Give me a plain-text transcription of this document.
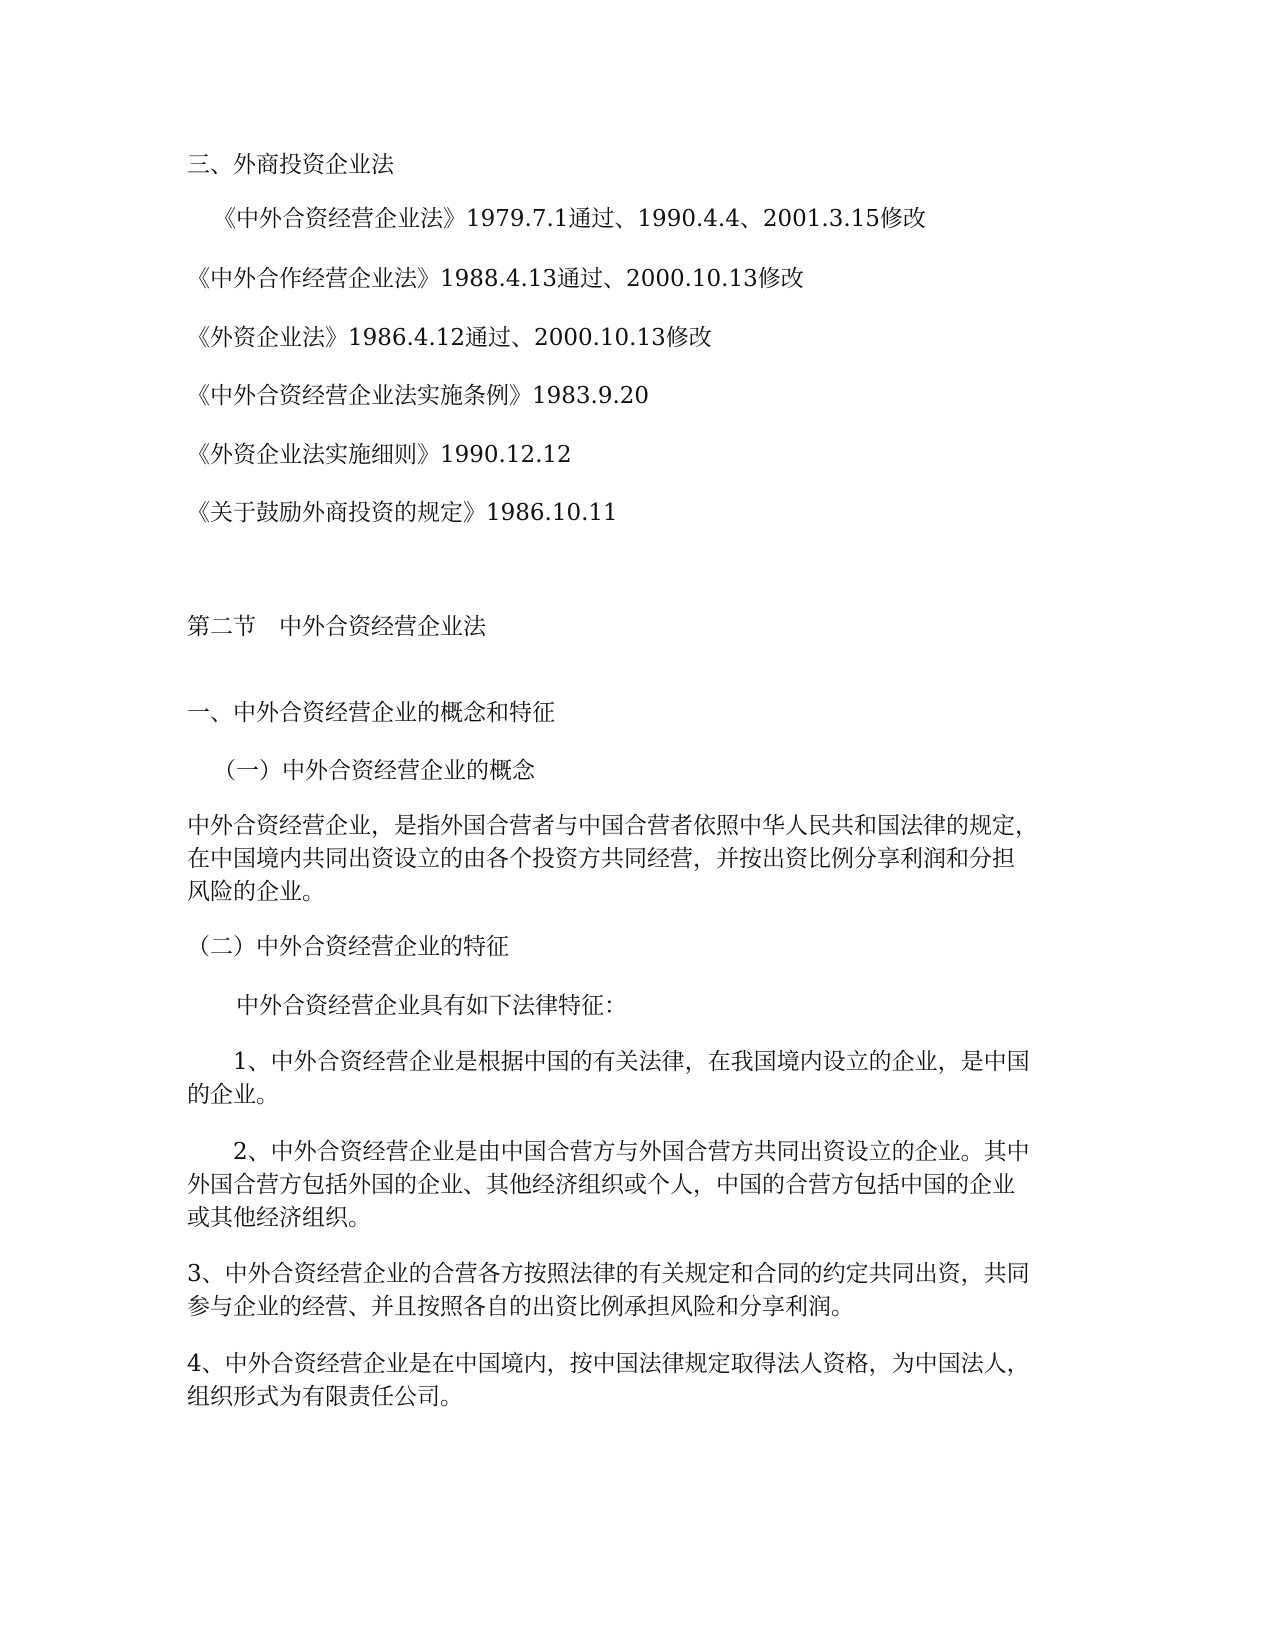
三、外商投资企业法
《中外合资经营企业法》1979.7.1通过、1990.4.4、2001.3.15修改
《中外合作经营企业法》1988.4.13通过、2000.10.13修改
《外资企业法》1986.4.12通过、2000.10.13修改
《中外合资经营企业法实施条例》1983.9.20
《外资企业法实施细则》1990.12.12
《关于鼓励外商投资的规定》1986.10.11
第二节　中外合资经营企业法
一、中外合资经营企业的概念和特征
（一）中外合资经营企业的概念
中外合资经营企业，是指外国合营者与中国合营者依照中华人民共和国法律的规定，
在中国境内共同出资设立的由各个投资方共同经营，并按出资比例分享利润和分担
风险的企业。
（二）中外合资经营企业的特征
中外合资经营企业具有如下法律特征：
1、中外合资经营企业是根据中国的有关法律，在我国境内设立的企业，是中国
的企业。
2、中外合资经营企业是由中国合营方与外国合营方共同出资设立的企业。其中
外国合营方包括外国的企业、其他经济组织或个人，中国的合营方包括中国的企业
或其他经济组织。
3、中外合资经营企业的合营各方按照法律的有关规定和合同的约定共同出资，共同
参与企业的经营、并且按照各自的出资比例承担风险和分享利润。
4、中外合资经营企业是在中国境内，按中国法律规定取得法人资格，为中国法人，
组织形式为有限责任公司。
